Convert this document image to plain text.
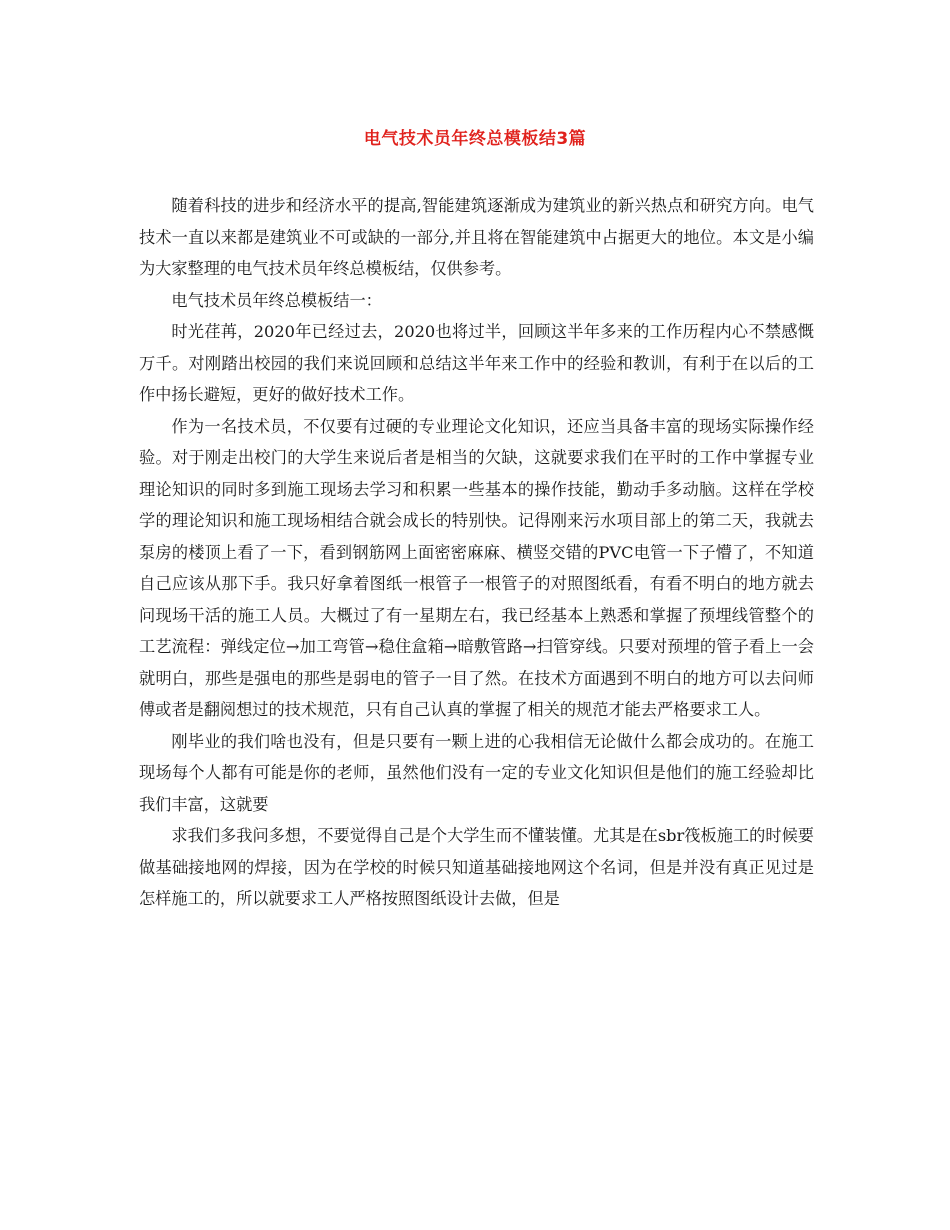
电气技术员年终总模板结3篇

随着科技的进步和经济水平的提高,智能建筑逐渐成为建筑业的新兴热点和研究方向。电气技术一直以来都是建筑业不可或缺的一部分,并且将在智能建筑中占据更大的地位。本文是小编为大家整理的电气技术员年终总模板结，仅供参考。

电气技术员年终总模板结一：

时光荏苒，2020年已经过去，2020也将过半，回顾这半年多来的工作历程内心不禁感慨万千。对刚踏出校园的我们来说回顾和总结这半年来工作中的经验和教训，有利于在以后的工作中扬长避短，更好的做好技术工作。

作为一名技术员，不仅要有过硬的专业理论文化知识，还应当具备丰富的现场实际操作经验。对于刚走出校门的大学生来说后者是相当的欠缺，这就要求我们在平时的工作中掌握专业理论知识的同时多到施工现场去学习和积累一些基本的操作技能，勤动手多动脑。这样在学校学的理论知识和施工现场相结合就会成长的特别快。记得刚来污水项目部上的第二天，我就去泵房的楼顶上看了一下，看到钢筋网上面密密麻麻、横竖交错的PVC电管一下子懵了，不知道自己应该从那下手。我只好拿着图纸一根管子一根管子的对照图纸看，有看不明白的地方就去问现场干活的施工人员。大概过了有一星期左右，我已经基本上熟悉和掌握了预埋线管整个的工艺流程：弹线定位→加工弯管→稳住盒箱→暗敷管路→扫管穿线。只要对预埋的管子看上一会就明白，那些是强电的那些是弱电的管子一目了然。在技术方面遇到不明白的地方可以去问师傅或者是翻阅想过的技术规范，只有自己认真的掌握了相关的规范才能去严格要求工人。

刚毕业的我们啥也没有，但是只要有一颗上进的心我相信无论做什么都会成功的。在施工现场每个人都有可能是你的老师，虽然他们没有一定的专业文化知识但是他们的施工经验却比我们丰富，这就要

求我们多我问多想，不要觉得自己是个大学生而不懂装懂。尤其是在sbr筏板施工的时候要做基础接地网的焊接，因为在学校的时候只知道基础接地网这个名词，但是并没有真正见过是怎样施工的，所以就要求工人严格按照图纸设计去做，但是
